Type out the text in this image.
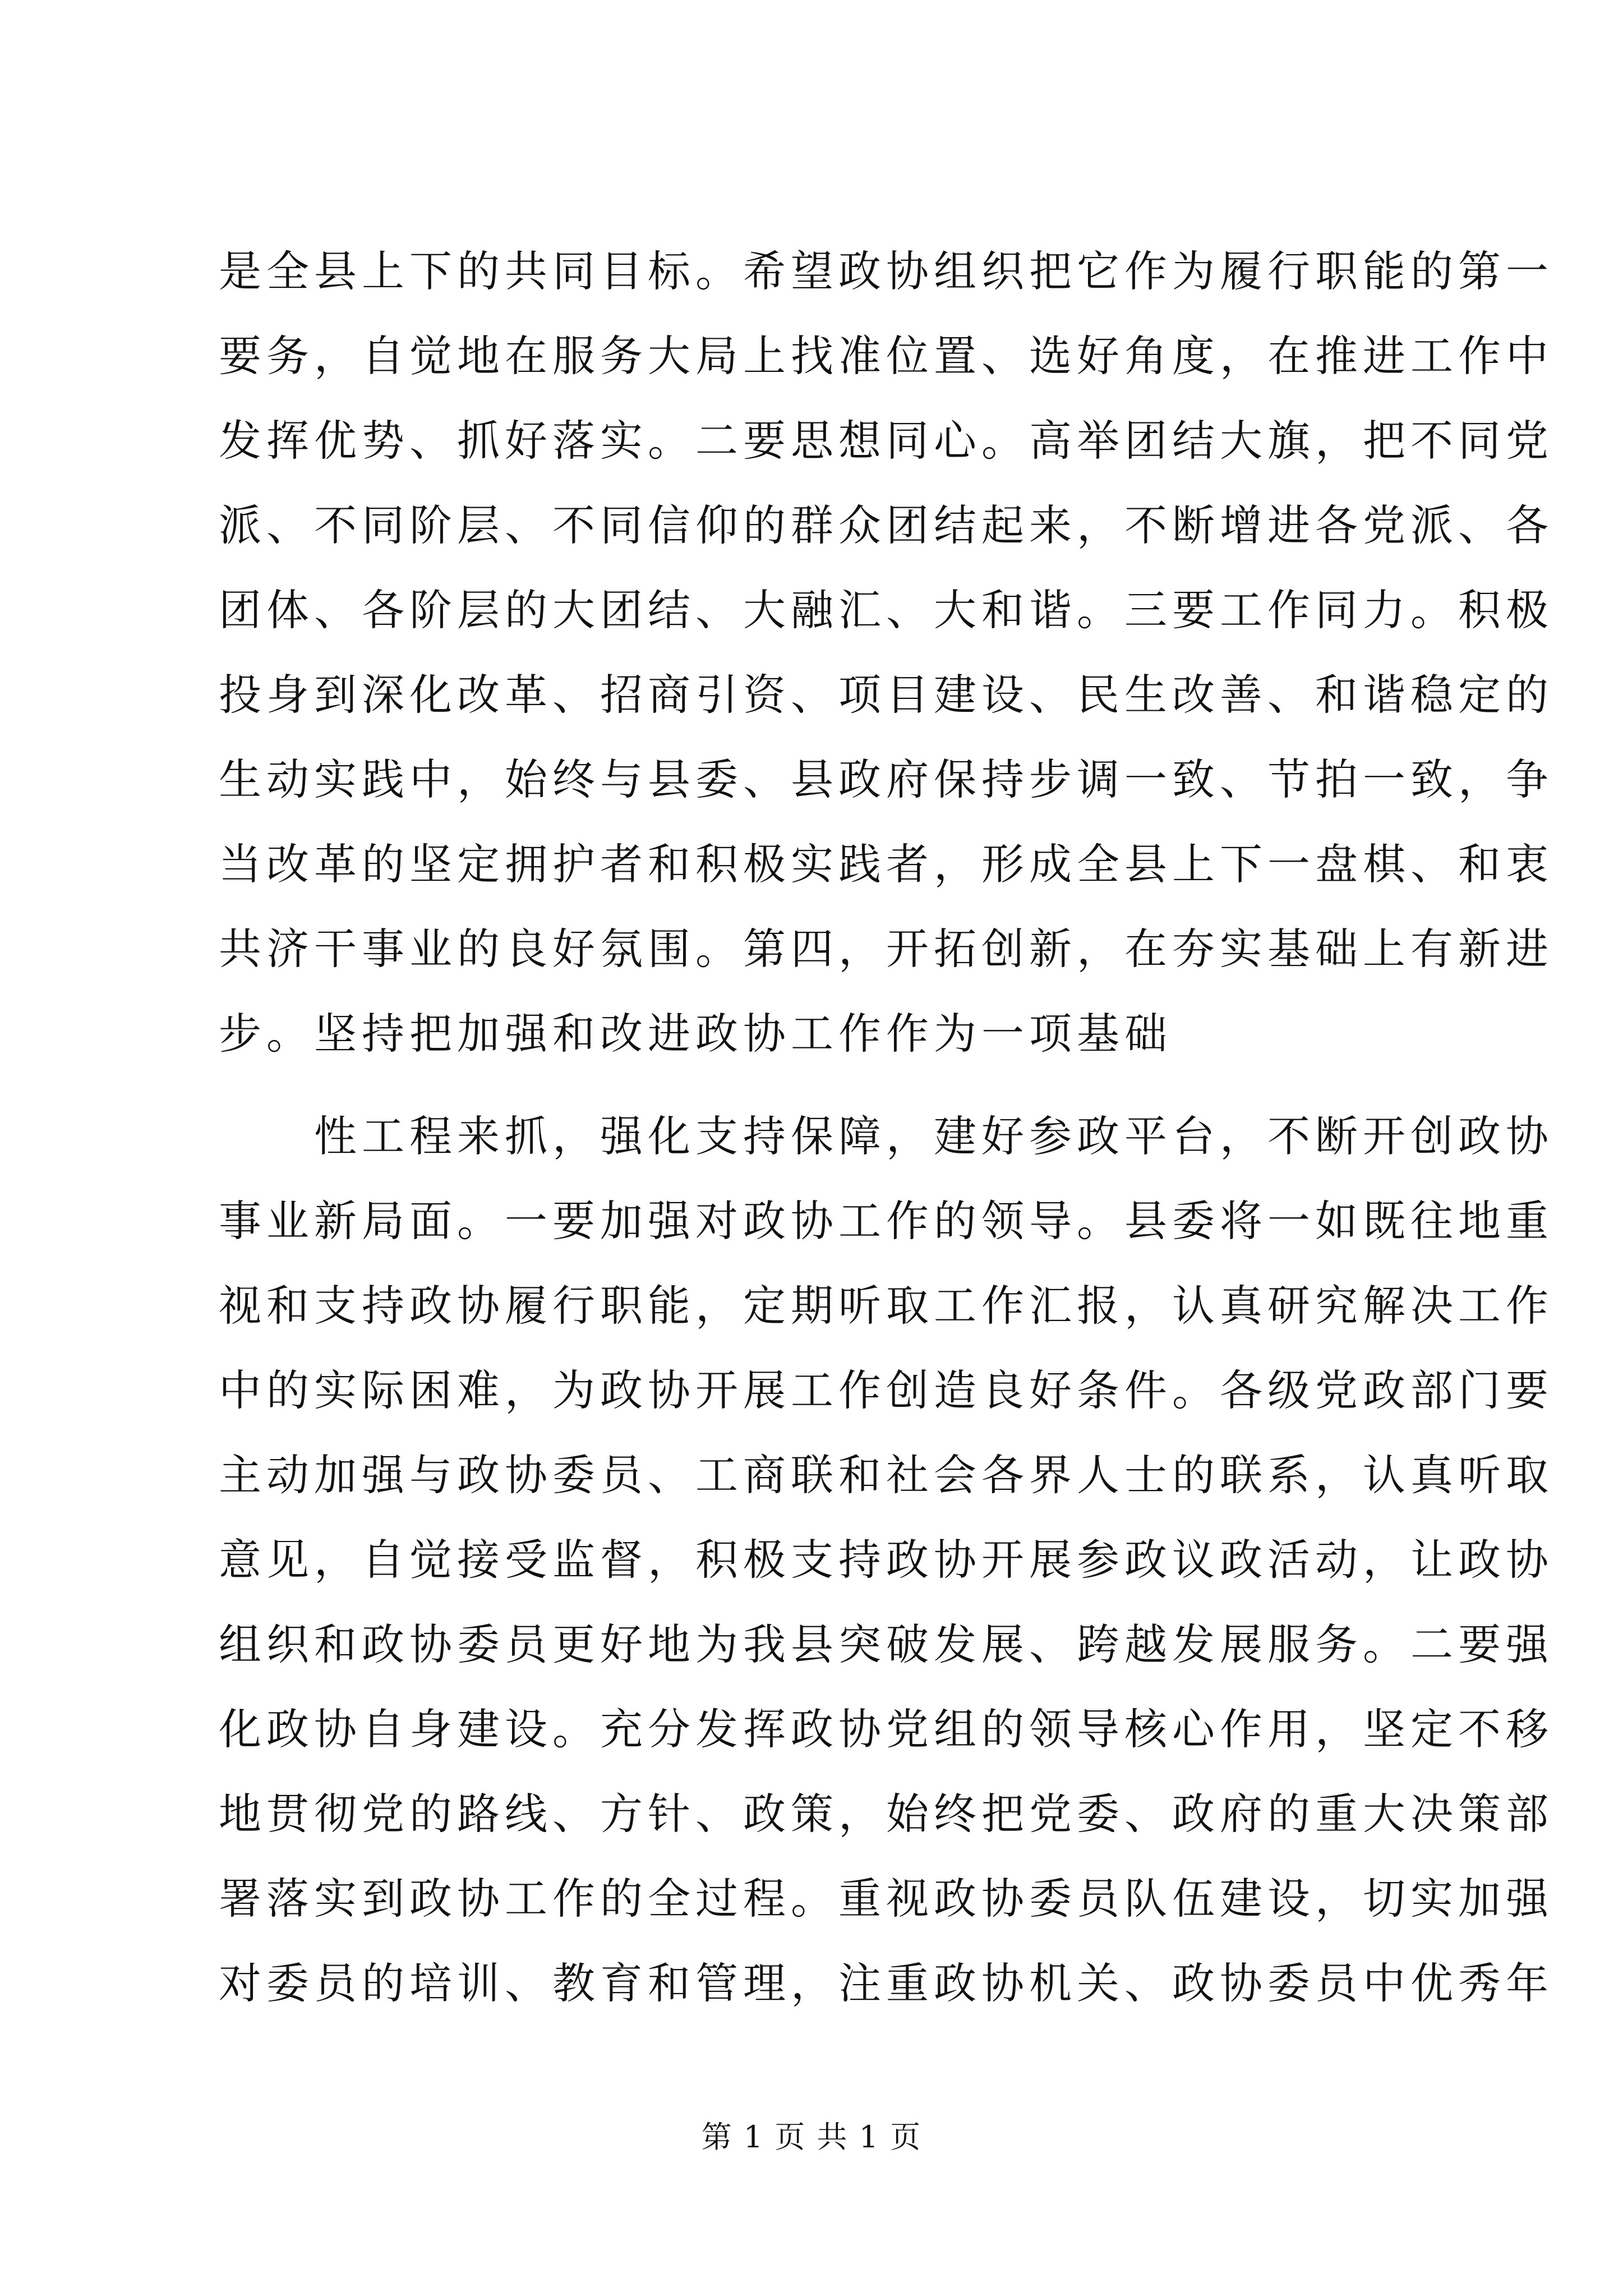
是全县上下的共同目标。希望政协组织把它作为履行职能的第一
要务，自觉地在服务大局上找准位置、选好角度，在推进工作中
发挥优势、抓好落实。二要思想同心。高举团结大旗，把不同党
派、不同阶层、不同信仰的群众团结起来，不断增进各党派、各
团体、各阶层的大团结、大融汇、大和谐。三要工作同力。积极
投身到深化改革、招商引资、项目建设、民生改善、和谐稳定的
生动实践中，始终与县委、县政府保持步调一致、节拍一致，争
当改革的坚定拥护者和积极实践者，形成全县上下一盘棋、和衷
共济干事业的良好氛围。第四，开拓创新，在夯实基础上有新进
步。坚持把加强和改进政协工作作为一项基础
　　性工程来抓，强化支持保障，建好参政平台，不断开创政协
事业新局面。一要加强对政协工作的领导。县委将一如既往地重
视和支持政协履行职能，定期听取工作汇报，认真研究解决工作
中的实际困难，为政协开展工作创造良好条件。各级党政部门要
主动加强与政协委员、工商联和社会各界人士的联系，认真听取
意见，自觉接受监督，积极支持政协开展参政议政活动，让政协
组织和政协委员更好地为我县突破发展、跨越发展服务。二要强
化政协自身建设。充分发挥政协党组的领导核心作用，坚定不移
地贯彻党的路线、方针、政策，始终把党委、政府的重大决策部
署落实到政协工作的全过程。重视政协委员队伍建设，切实加强
对委员的培训、教育和管理，注重政协机关、政协委员中优秀年
第 1 页 共 1 页
